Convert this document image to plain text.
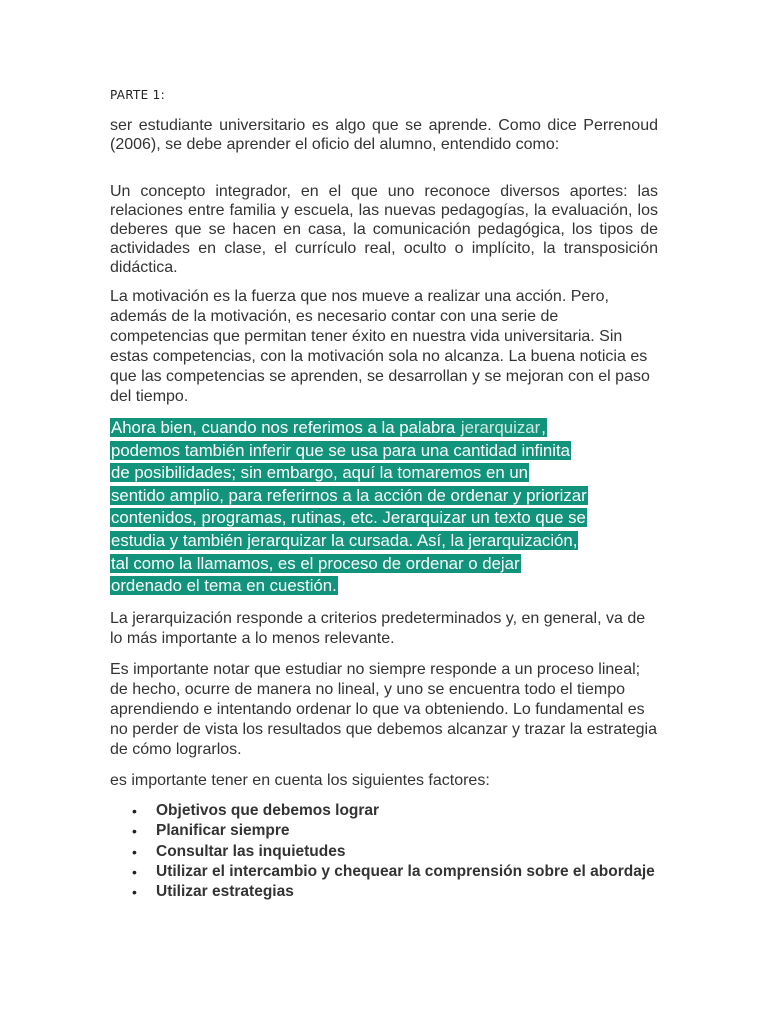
PARTE 1:

ser estudiante universitario es algo que se aprende. Como dice Perrenoud (2006), se debe aprender el oficio del alumno, entendido como:

Un concepto integrador, en el que uno reconoce diversos aportes: las relaciones entre familia y escuela, las nuevas pedagogías, la evaluación, los deberes que se hacen en casa, la comunicación pedagógica, los tipos de actividades en clase, el currículo real, oculto o implícito, la transposición didáctica.

La motivación es la fuerza que nos mueve a realizar una acción. Pero, además de la motivación, es necesario contar con una serie de competencias que permitan tener éxito en nuestra vida universitaria. Sin estas competencias, con la motivación sola no alcanza. La buena noticia es que las competencias se aprenden, se desarrollan y se mejoran con el paso del tiempo.

Ahora bien, cuando nos referimos a la palabra jerarquizar,
podemos también inferir que se usa para una cantidad infinita
de posibilidades; sin embargo, aquí la tomaremos en un
sentido amplio, para referirnos a la acción de ordenar y priorizar
contenidos, programas, rutinas, etc. Jerarquizar un texto que se
estudia y también jerarquizar la cursada. Así, la jerarquización,
tal como la llamamos, es el proceso de ordenar o dejar
ordenado el tema en cuestión.

La jerarquización responde a criterios predeterminados y, en general, va de lo más importante a lo menos relevante.

Es importante notar que estudiar no siempre responde a un proceso lineal; de hecho, ocurre de manera no lineal, y uno se encuentra todo el tiempo aprendiendo e intentando ordenar lo que va obteniendo. Lo fundamental es no perder de vista los resultados que debemos alcanzar y trazar la estrategia de cómo lograrlos.

es importante tener en cuenta los siguientes factores:

• Objetivos que debemos lograr
• Planificar siempre
• Consultar las inquietudes
• Utilizar el intercambio y chequear la comprensión sobre el abordaje
• Utilizar estrategias
